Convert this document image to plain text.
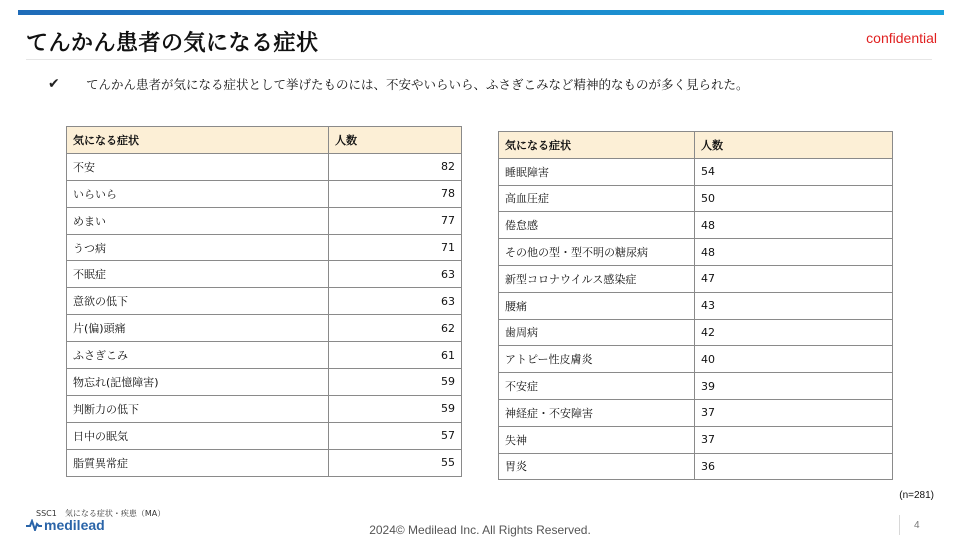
てんかん患者の気になる症状	confidential
✔ てんかん患者が気になる症状として挙げたものには、不安やいらいら、ふさぎこみなど精神的なものが多く見られた。
気になる症状	人数
不安	82
いらいら	78
めまい	77
うつ病	71
不眠症	63
意欲の低下	63
片(偏)頭痛	62
ふさぎこみ	61
物忘れ(記憶障害)	59
判断力の低下	59
日中の眠気	57
脂質異常症	55
気になる症状	人数
睡眠障害	54
高血圧症	50
倦怠感	48
その他の型・型不明の糖尿病	48
新型コロナウイルス感染症	47
腰痛	43
歯周病	42
アトピー性皮膚炎	40
不安症	39
神経症・不安障害	37
失神	37
胃炎	36
(n=281)
SSC1　気になる症状・疾患（MA）
medilead	2024© Medilead Inc. All Rights Reserved.	4
